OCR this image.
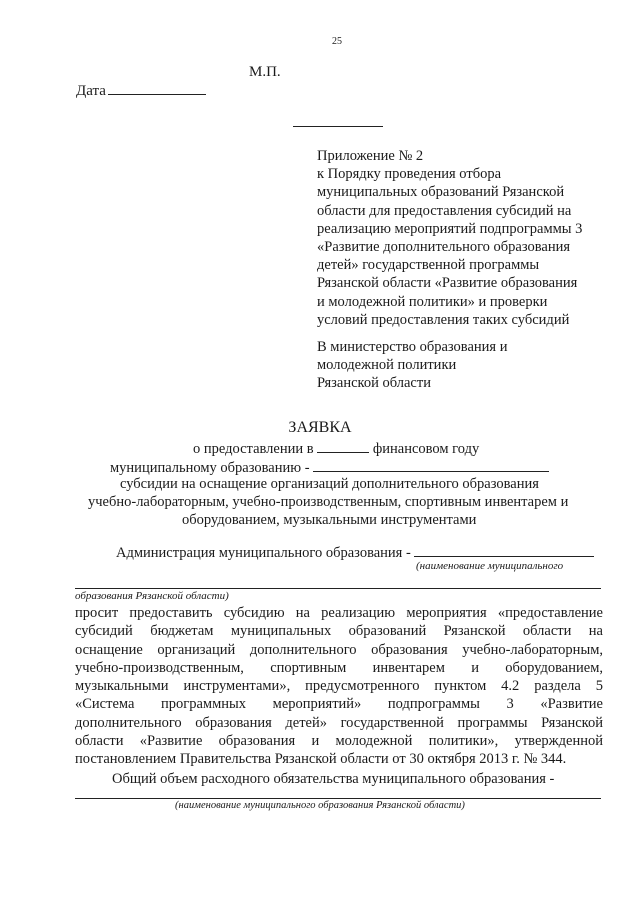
25
М.П.
Дата
Приложение № 2
к Порядку проведения отбора
муниципальных образований Рязанской
области для предоставления субсидий на
реализацию мероприятий подпрограммы 3
«Развитие дополнительного образования
детей» государственной программы
Рязанской области «Развитие образования
и молодежной политики» и проверки
условий предоставления таких субсидий
В министерство образования и
молодежной политики
Рязанской области
ЗАЯВКА
о предоставлении в	финансовом году
муниципальному образованию -
субсидии на оснащение организаций дополнительного образования
учебно-лабораторным, учебно-производственным, спортивным инвентарем и
оборудованием, музыкальными инструментами
Администрация муниципального образования -
(наименование муниципального
образования Рязанской области)
просит предоставить субсидию на реализацию мероприятия «предоставление
субсидий бюджетам муниципальных образований Рязанской области на
оснащение организаций дополнительного образования учебно-лабораторным,
учебно-производственным, спортивным инвентарем и оборудованием,
музыкальными инструментами», предусмотренного пунктом 4.2 раздела 5
«Система программных мероприятий» подпрограммы 3 «Развитие
дополнительного образования детей» государственной программы Рязанской
области «Развитие образования и молодежной политики», утвержденной
постановлением Правительства Рязанской области от 30 октября 2013 г. № 344.
Общий объем расходного обязательства муниципального образования -
(наименование муниципального образования Рязанской области)
